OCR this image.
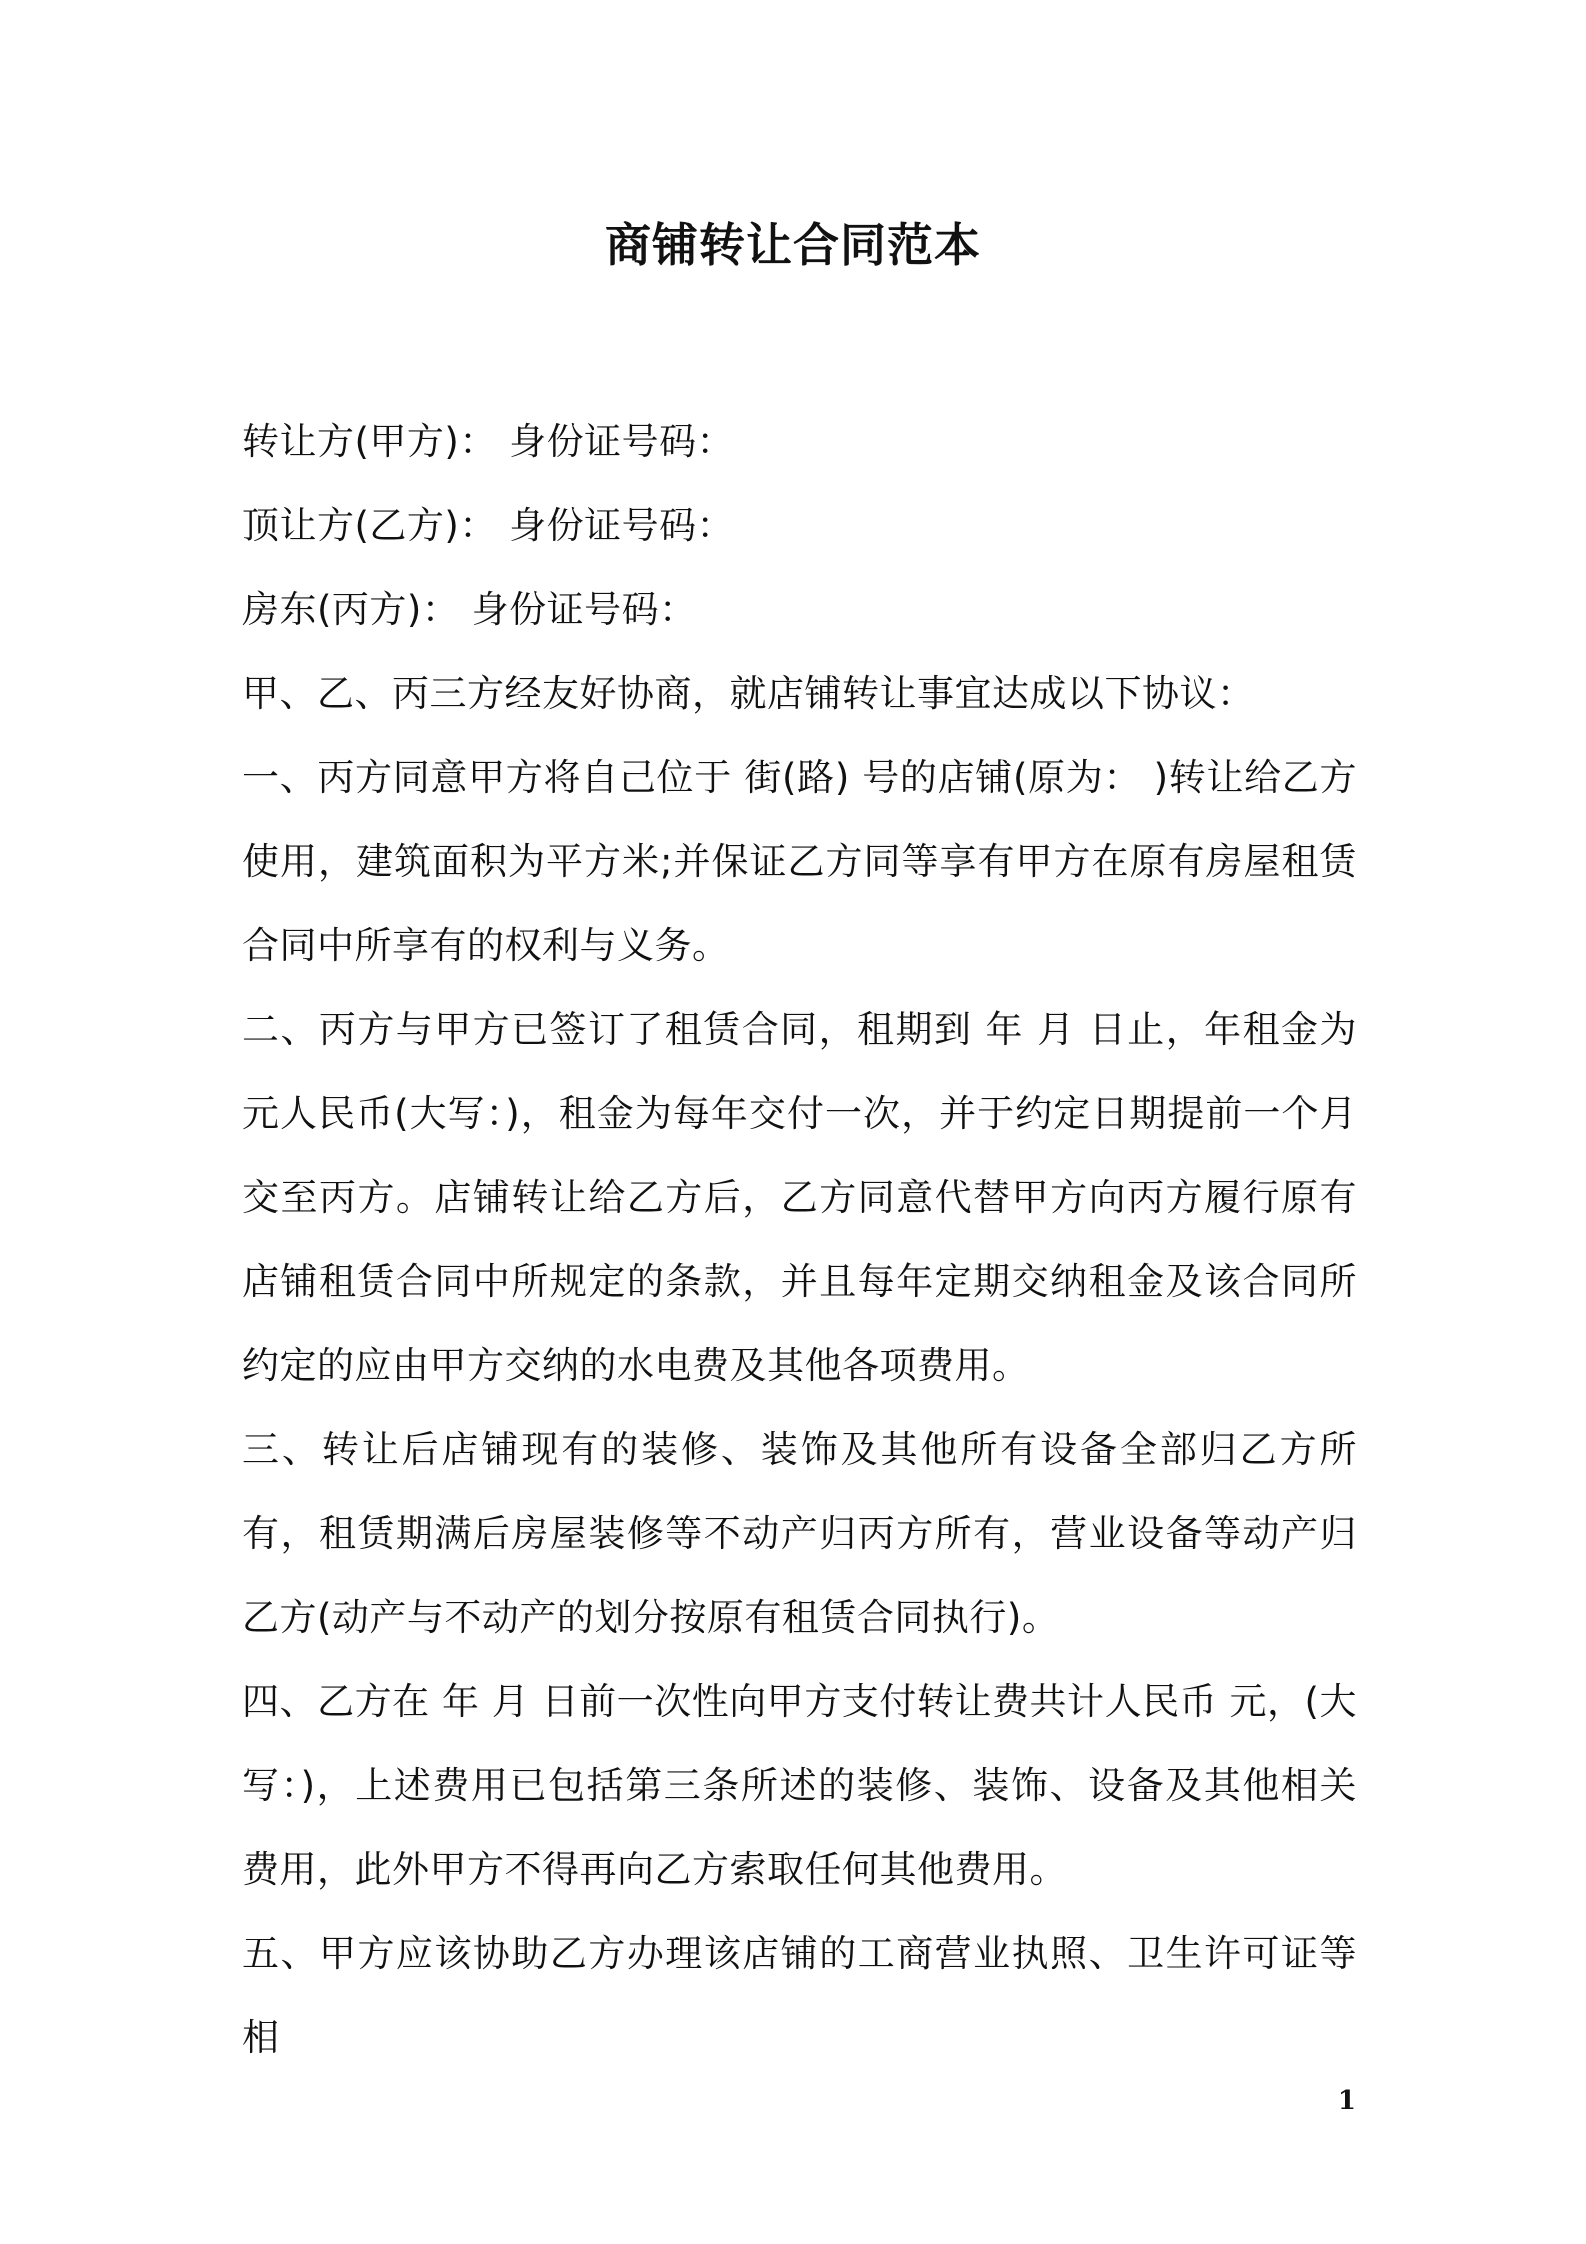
商铺转让合同范本

转让方(甲方)： 身份证号码：

顶让方(乙方)： 身份证号码：

房东(丙方)： 身份证号码：

甲、乙、丙三方经友好协商，就店铺转让事宜达成以下协议：

一、丙方同意甲方将自己位于 街(路) 号的店铺(原为： )转让给乙方使用，建筑面积为平方米;并保证乙方同等享有甲方在原有房屋租赁合同中所享有的权利与义务。

二、丙方与甲方已签订了租赁合同，租期到 年 月 日止，年租金为 元人民币(大写：)，租金为每年交付一次，并于约定日期提前一个月交至丙方。店铺转让给乙方后，乙方同意代替甲方向丙方履行原有店铺租赁合同中所规定的条款，并且每年定期交纳租金及该合同所约定的应由甲方交纳的水电费及其他各项费用。

三、转让后店铺现有的装修、装饰及其他所有设备全部归乙方所有，租赁期满后房屋装修等不动产归丙方所有，营业设备等动产归乙方(动产与不动产的划分按原有租赁合同执行)。

四、乙方在 年 月 日前一次性向甲方支付转让费共计人民币 元，(大写：)，上述费用已包括第三条所述的装修、装饰、设备及其他相关费用，此外甲方不得再向乙方索取任何其他费用。

五、甲方应该协助乙方办理该店铺的工商营业执照、卫生许可证等相

1
